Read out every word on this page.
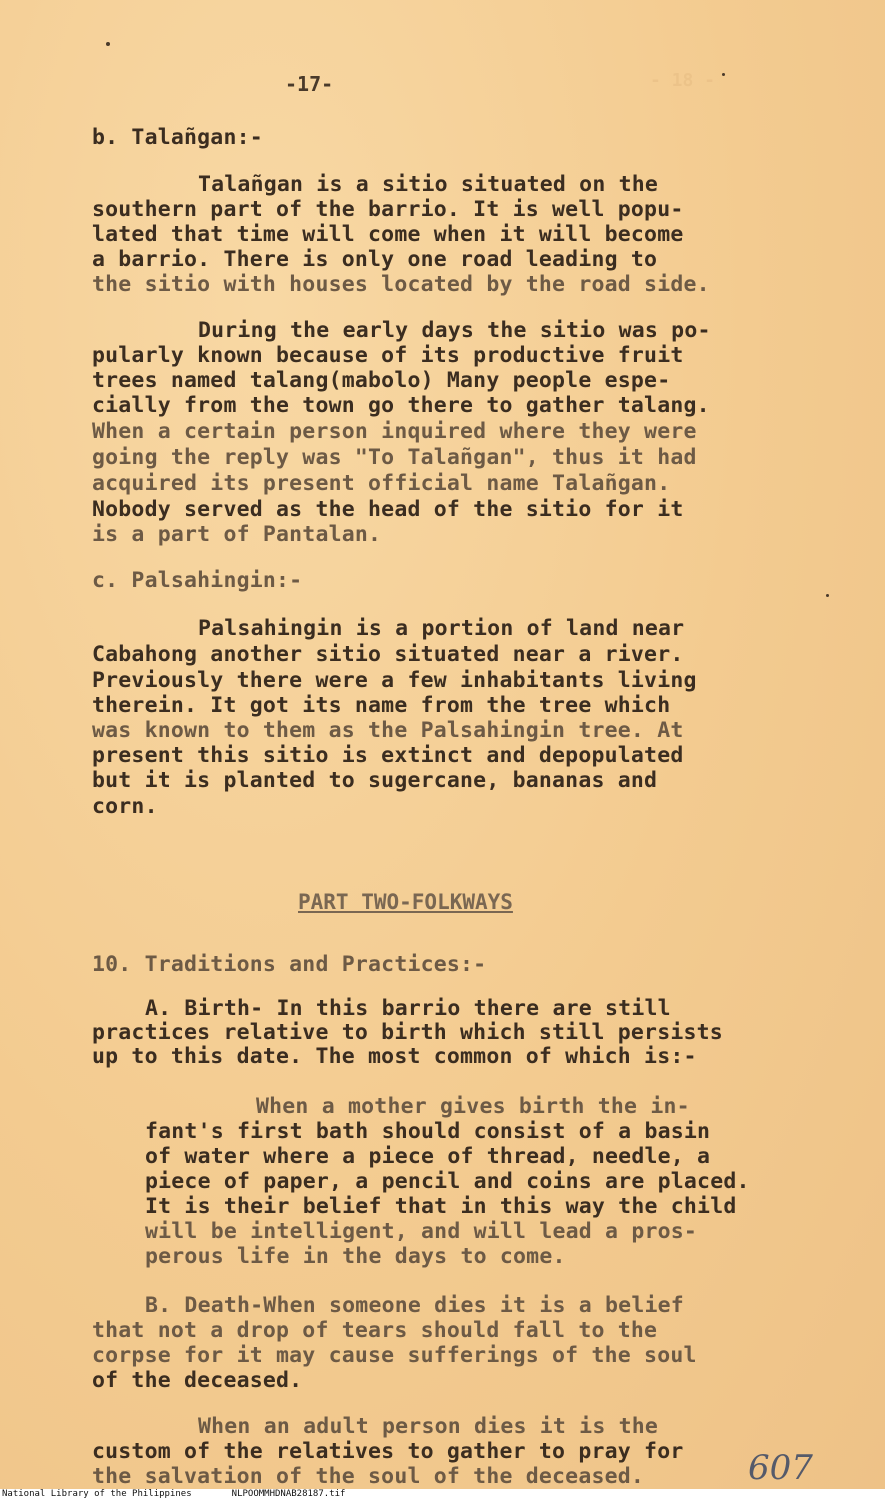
- 18 -
-17-
b. Talañgan:-
Talañgan is a sitio situated on the
southern part of the barrio. It is well popu-
lated that time will come when it will become
a barrio. There is only one road leading to
the sitio with houses located by the road side.
During the early days the sitio was po-
pularly known because of its productive fruit
trees named talang(mabolo) Many people espe-
cially from the town go there to gather talang.
When a certain person inquired where they were
going the reply was "To Talañgan", thus it had
acquired its present official name Talañgan.
Nobody served as the head of the sitio for it
is a part of Pantalan.
c. Palsahingin:-
Palsahingin is a portion of land near
Cabahong another sitio situated near a river.
Previously there were a few inhabitants living
therein. It got its name from the tree which
was known to them as the Palsahingin tree. At
present this sitio is extinct and depopulated
but it is planted to sugercane, bananas and
corn.
PART TWO-FOLKWAYS
10. Traditions and Practices:-
A. Birth- In this barrio there are still
practices relative to birth which still persists
up to this date. The most common of which is:-
When a mother gives birth the in-
fant's first bath should consist of a basin
of water where a piece of thread, needle, a
piece of paper, a pencil and coins are placed.
It is their belief that in this way the child
will be intelligent, and will lead a pros-
perous life in the days to come.
B. Death-When someone dies it is a belief
that not a drop of tears should fall to the
corpse for it may cause sufferings of the soul
of the deceased.
When an adult person dies it is the
custom of the relatives to gather to pray for
the salvation of the soul of the deceased.	607
National Library of the Philippines	NLPOOMMHDNAB28187.tif
